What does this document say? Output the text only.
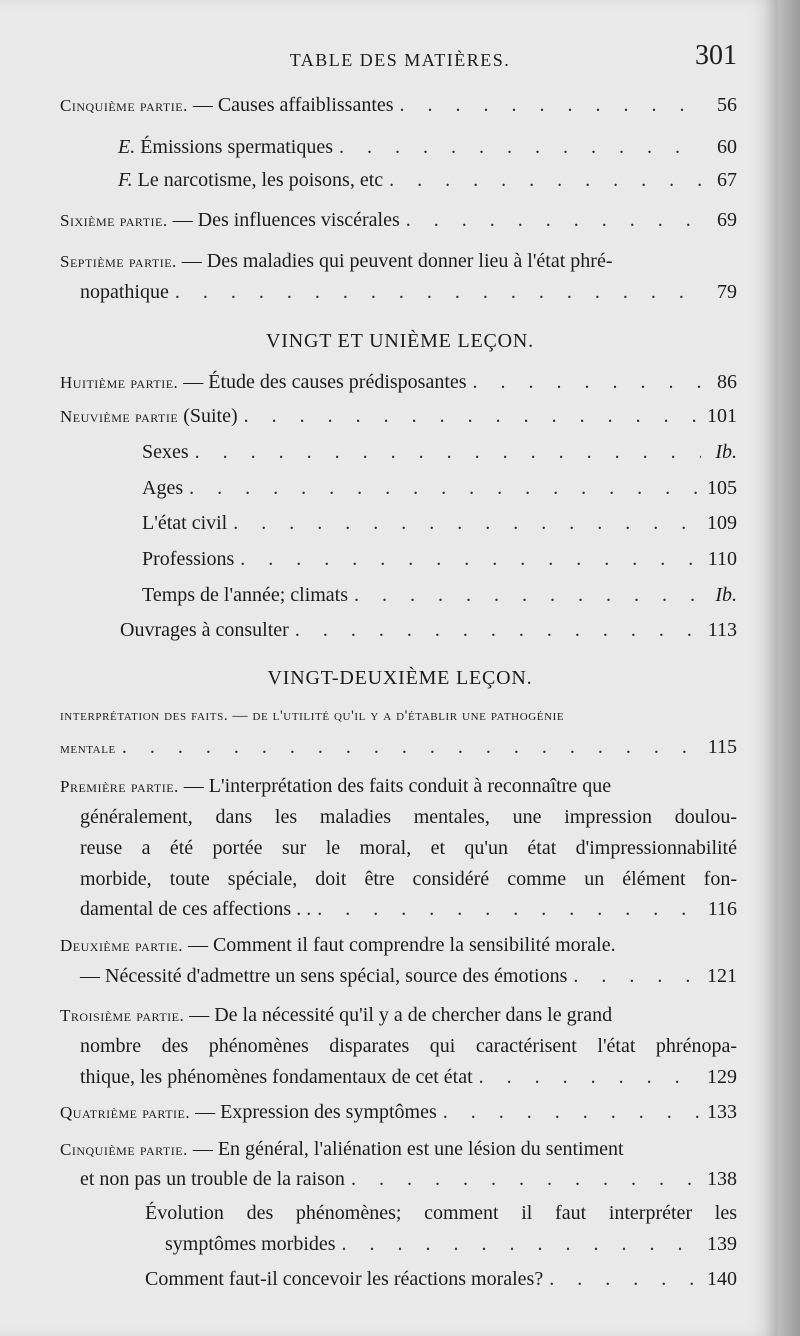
TABLE DES MATIÈRES.	301
Cinquième partie. — Causes affaiblissantes . . .	56
E. Émissions spermatiques . . .	60
F. Le narcotisme, les poisons, etc . . .	67
Sixième partie. — Des influences viscérales . . .	69
Septième partie. — Des maladies qui peuvent donner lieu à l'état phré-
nopathique . . .	79
VINGT ET UNIÈME LEÇON.
Huitième partie. — Étude des causes prédisposantes . . .	86
Neuvième partie (Suite) . . .	101
Sexes . . .	Ib.
Ages . . .	105
L'état civil . . .	109
Professions . . .	110
Temps de l'année; climats . . .	Ib.
Ouvrages à consulter . . .	113
VINGT-DEUXIÈME LEÇON.
interprétation des faits. — de l'utilité qu'il y a d'établir une pathogénie
mentale . . .	115
Première partie. — L'interprétation des faits conduit à reconnaître que
généralement, dans les maladies mentales, une impression doulou-
reuse a été portée sur le moral, et qu'un état d'impressionnabilité
morbide, toute spéciale, doit être considéré comme un élément fon-
damental de ces affections . . . . .	116
Deuxième partie. — Comment il faut comprendre la sensibilité morale.
— Nécessité d'admettre un sens spécial, source des émotions . . .	121
Troisième partie. — De la nécessité qu'il y a de chercher dans le grand
nombre des phénomènes disparates qui caractérisent l'état phrénopa-
thique, les phénomènes fondamentaux de cet état . . .	129
Quatrième partie. — Expression des symptômes . . .	133
Cinquième partie. — En général, l'aliénation est une lésion du sentiment
et non pas un trouble de la raison . . .	138
Évolution des phénomènes; comment il faut interpréter les
symptômes morbides . . .	139
Comment faut-il concevoir les réactions morales? . . .	140
